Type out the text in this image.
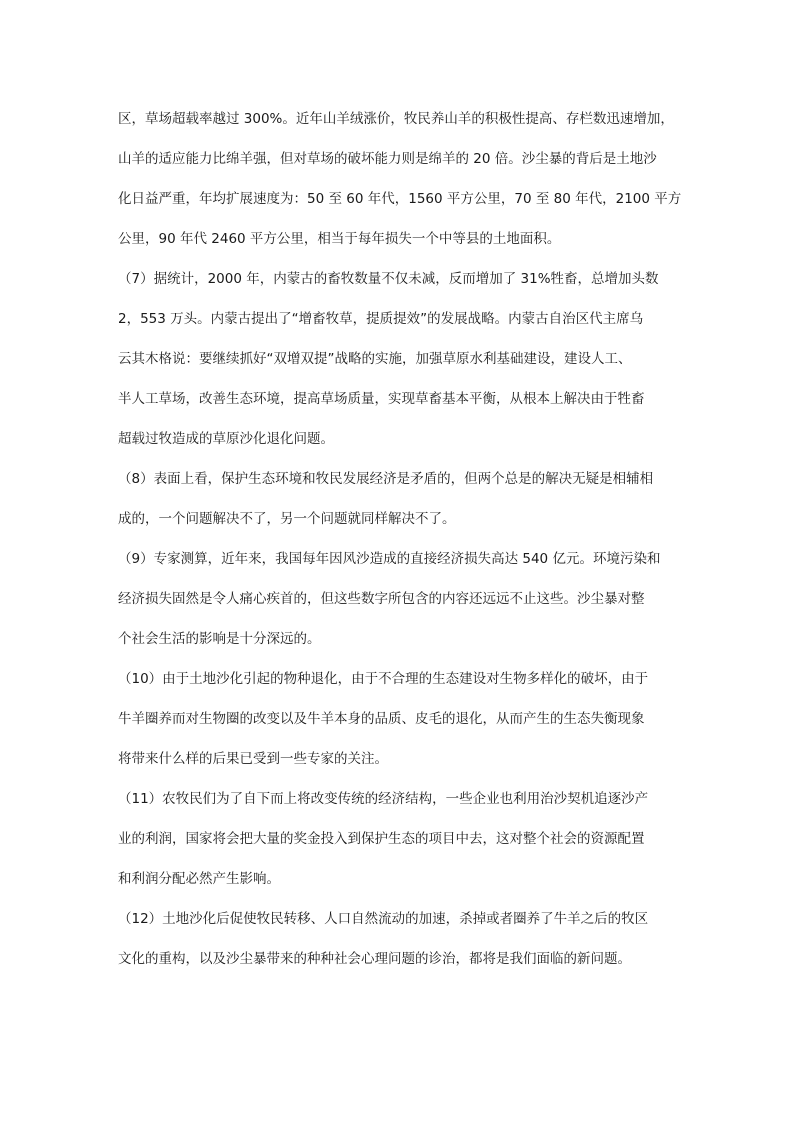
区，草场超载率越过 300%。近年山羊绒涨价，牧民养山羊的积极性提高、存栏数迅速增加，
山羊的适应能力比绵羊强，但对草场的破坏能力则是绵羊的 20 倍。沙尘暴的背后是土地沙
化日益严重，年均扩展速度为：50 至 60 年代，1560 平方公里，70 至 80 年代，2100 平方
公里，90 年代 2460 平方公里，相当于每年损失一个中等县的土地面积。
（7）据统计，2000 年，内蒙古的畜牧数量不仅未减，反而增加了 31%牲畜，总增加头数
2，553 万头。内蒙古提出了“增畜牧草，提质提效”的发展战略。内蒙古自治区代主席乌
云其木格说：要继续抓好“双增双提”战略的实施，加强草原水利基础建设，建设人工、
半人工草场，改善生态环境，提高草场质量，实现草畜基本平衡，从根本上解决由于牲畜
超载过牧造成的草原沙化退化问题。
（8）表面上看，保护生态环境和牧民发展经济是矛盾的，但两个总是的解决无疑是相辅相
成的，一个问题解决不了，另一个问题就同样解决不了。
（9）专家测算，近年来，我国每年因风沙造成的直接经济损失高达 540 亿元。环境污染和
经济损失固然是令人痛心疾首的，但这些数字所包含的内容还远远不止这些。沙尘暴对整
个社会生活的影响是十分深远的。
（10）由于土地沙化引起的物种退化，由于不合理的生态建设对生物多样化的破坏，由于
牛羊圈养而对生物圈的改变以及牛羊本身的品质、皮毛的退化，从而产生的生态失衡现象
将带来什么样的后果已受到一些专家的关注。
（11）农牧民们为了自下而上将改变传统的经济结构，一些企业也利用治沙契机追逐沙产
业的利润，国家将会把大量的奖金投入到保护生态的项目中去，这对整个社会的资源配置
和利润分配必然产生影响。
（12）土地沙化后促使牧民转移、人口自然流动的加速，杀掉或者圈养了牛羊之后的牧区
文化的重构，以及沙尘暴带来的种种社会心理问题的诊治，都将是我们面临的新问题。
